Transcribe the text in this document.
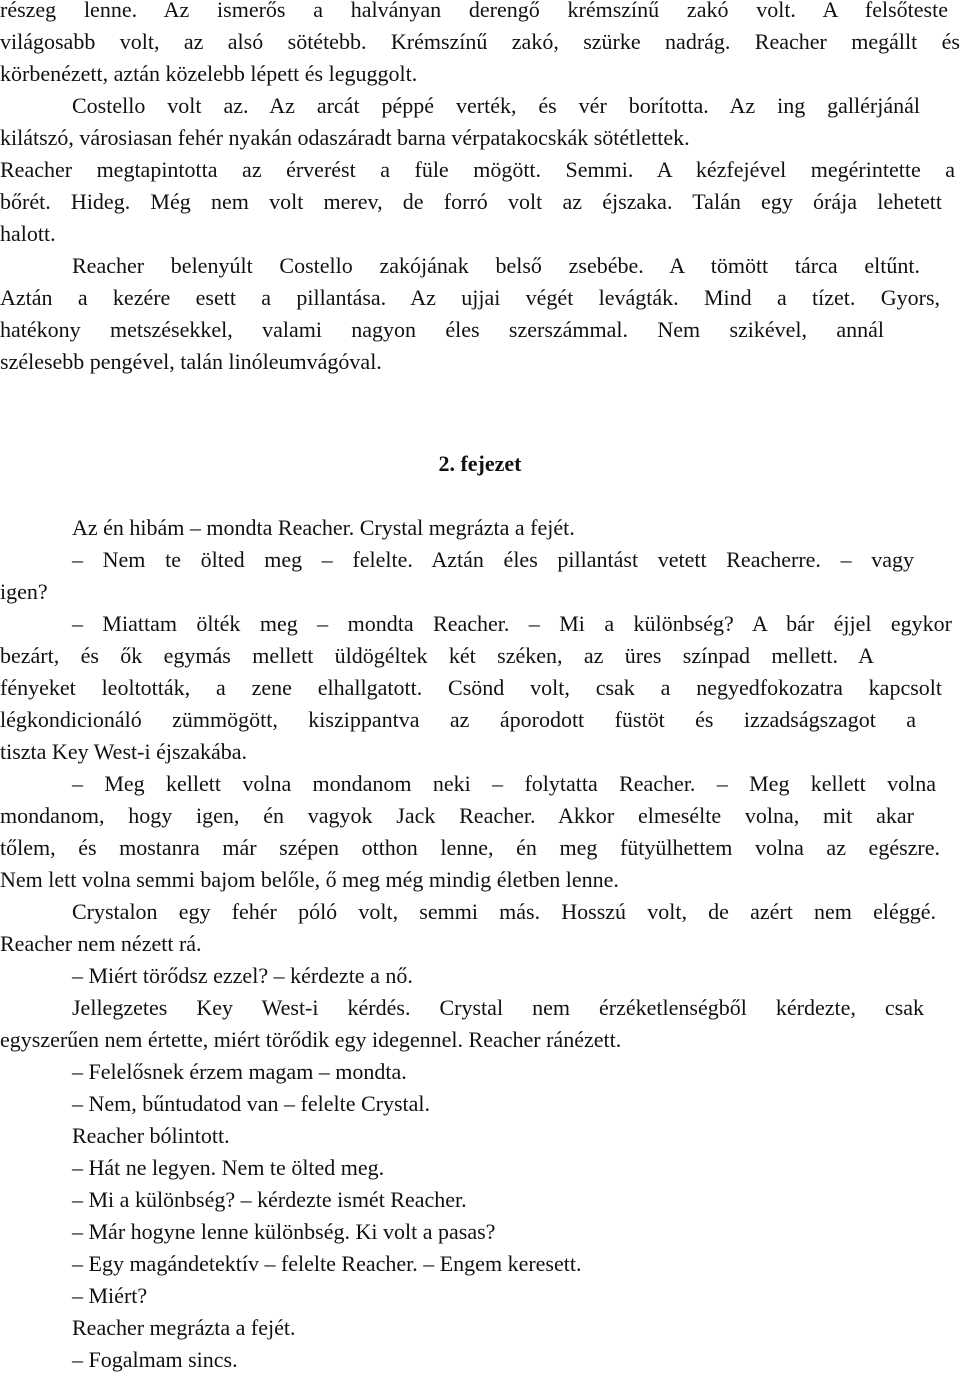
részeg lenne. Az ismerős a halványan derengő krémszínű zakó volt. A felsőteste
világosabb volt, az alsó sötétebb. Krémszínű zakó, szürke nadrág. Reacher megállt és
körbenézett, aztán közelebb lépett és leguggolt.
Costello volt az. Az arcát péppé verték, és vér borította. Az ing gallérjánál
kilátszó, városiasan fehér nyakán odaszáradt barna vérpatakocskák sötétlettek.
Reacher megtapintotta az érverést a füle mögött. Semmi. A kézfejével megérintette a
bőrét. Hideg. Még nem volt merev, de forró volt az éjszaka. Talán egy órája lehetett
halott.
Reacher belenyúlt Costello zakójának belső zsebébe. A tömött tárca eltűnt.
Aztán a kezére esett a pillantása. Az ujjai végét levágták. Mind a tízet. Gyors,
hatékony metszésekkel, valami nagyon éles szerszámmal. Nem szikével, annál
szélesebb pengével, talán linóleumvágóval.
2. fejezet
Az én hibám – mondta Reacher. Crystal megrázta a fejét.
– Nem te ölted meg – felelte. Aztán éles pillantást vetett Reacherre. – vagy
igen?
– Miattam ölték meg – mondta Reacher. – Mi a különbség? A bár éjjel egykor
bezárt, és ők egymás mellett üldögéltek két széken, az üres színpad mellett. A
fényeket leoltották, a zene elhallgatott. Csönd volt, csak a negyedfokozatra kapcsolt
légkondicionáló zümmögött, kiszippantva az áporodott füstöt és izzadságszagot a
tiszta Key West-i éjszakába.
– Meg kellett volna mondanom neki – folytatta Reacher. – Meg kellett volna
mondanom, hogy igen, én vagyok Jack Reacher. Akkor elmeséltе volna, mit akar
tőlem, és mostanra már szépen otthon lenne, én meg fütyülhettem volna az egészre.
Nem lett volna semmi bajom belőle, ő meg még mindig életben lenne.
Crystalon egy fehér póló volt, semmi más. Hosszú volt, de azért nem eléggé.
Reacher nem nézett rá.
– Miért törődsz ezzel? – kérdezte a nő.
Jellegzetes Key West-i kérdés. Crystal nem érzéketlenségből kérdezte, csak
egyszerűen nem értette, miért törődik egy idegennel. Reacher ránézett.
– Felelősnek érzem magam – mondta.
– Nem, bűntudatod van – felelte Crystal.
Reacher bólintott.
– Hát ne legyen. Nem te ölted meg.
– Mi a különbség? – kérdezte ismét Reacher.
– Már hogyne lenne különbség. Ki volt a pasas?
– Egy magándetektív – felelte Reacher. – Engem keresett.
– Miért?
Reacher megrázta a fejét.
– Fogalmam sincs.
